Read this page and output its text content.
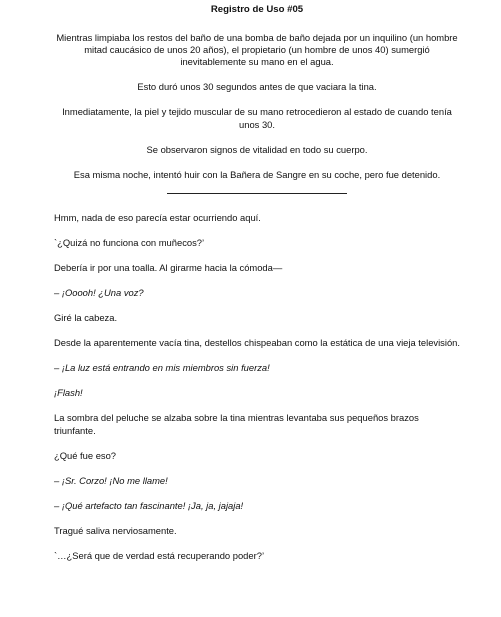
Registro de Uso #05

Mientras limpiaba los restos del baño de una bomba de baño dejada por un inquilino (un hombre mitad caucásico de unos 20 años), el propietario (un hombre de unos 40) sumergió inevitablemente su mano en el agua.

Esto duró unos 30 segundos antes de que vaciara la tina.

Inmediatamente, la piel y tejido muscular de su mano retrocedieron al estado de cuando tenía unos 30.

Se observaron signos de vitalidad en todo su cuerpo.

Esa misma noche, intentó huir con la Bañera de Sangre en su coche, pero fue detenido.

Hmm, nada de eso parecía estar ocurriendo aquí.

`¿Quizá no funciona con muñecos?’

Debería ir por una toalla. Al girarme hacia la cómoda—

– ¡Ooooh! ¿Una voz?

Giré la cabeza.

Desde la aparentemente vacía tina, destellos chispeaban como la estática de una vieja televisión.

– ¡La luz está entrando en mis miembros sin fuerza!

¡Flash!

La sombra del peluche se alzaba sobre la tina mientras levantaba sus pequeños brazos triunfante.

¿Qué fue eso?

– ¡Sr. Corzo! ¡No me llame!

– ¡Qué artefacto tan fascinante! ¡Ja, ja, jajaja!

Tragué saliva nerviosamente.

`…¿Será que de verdad está recuperando poder?’
